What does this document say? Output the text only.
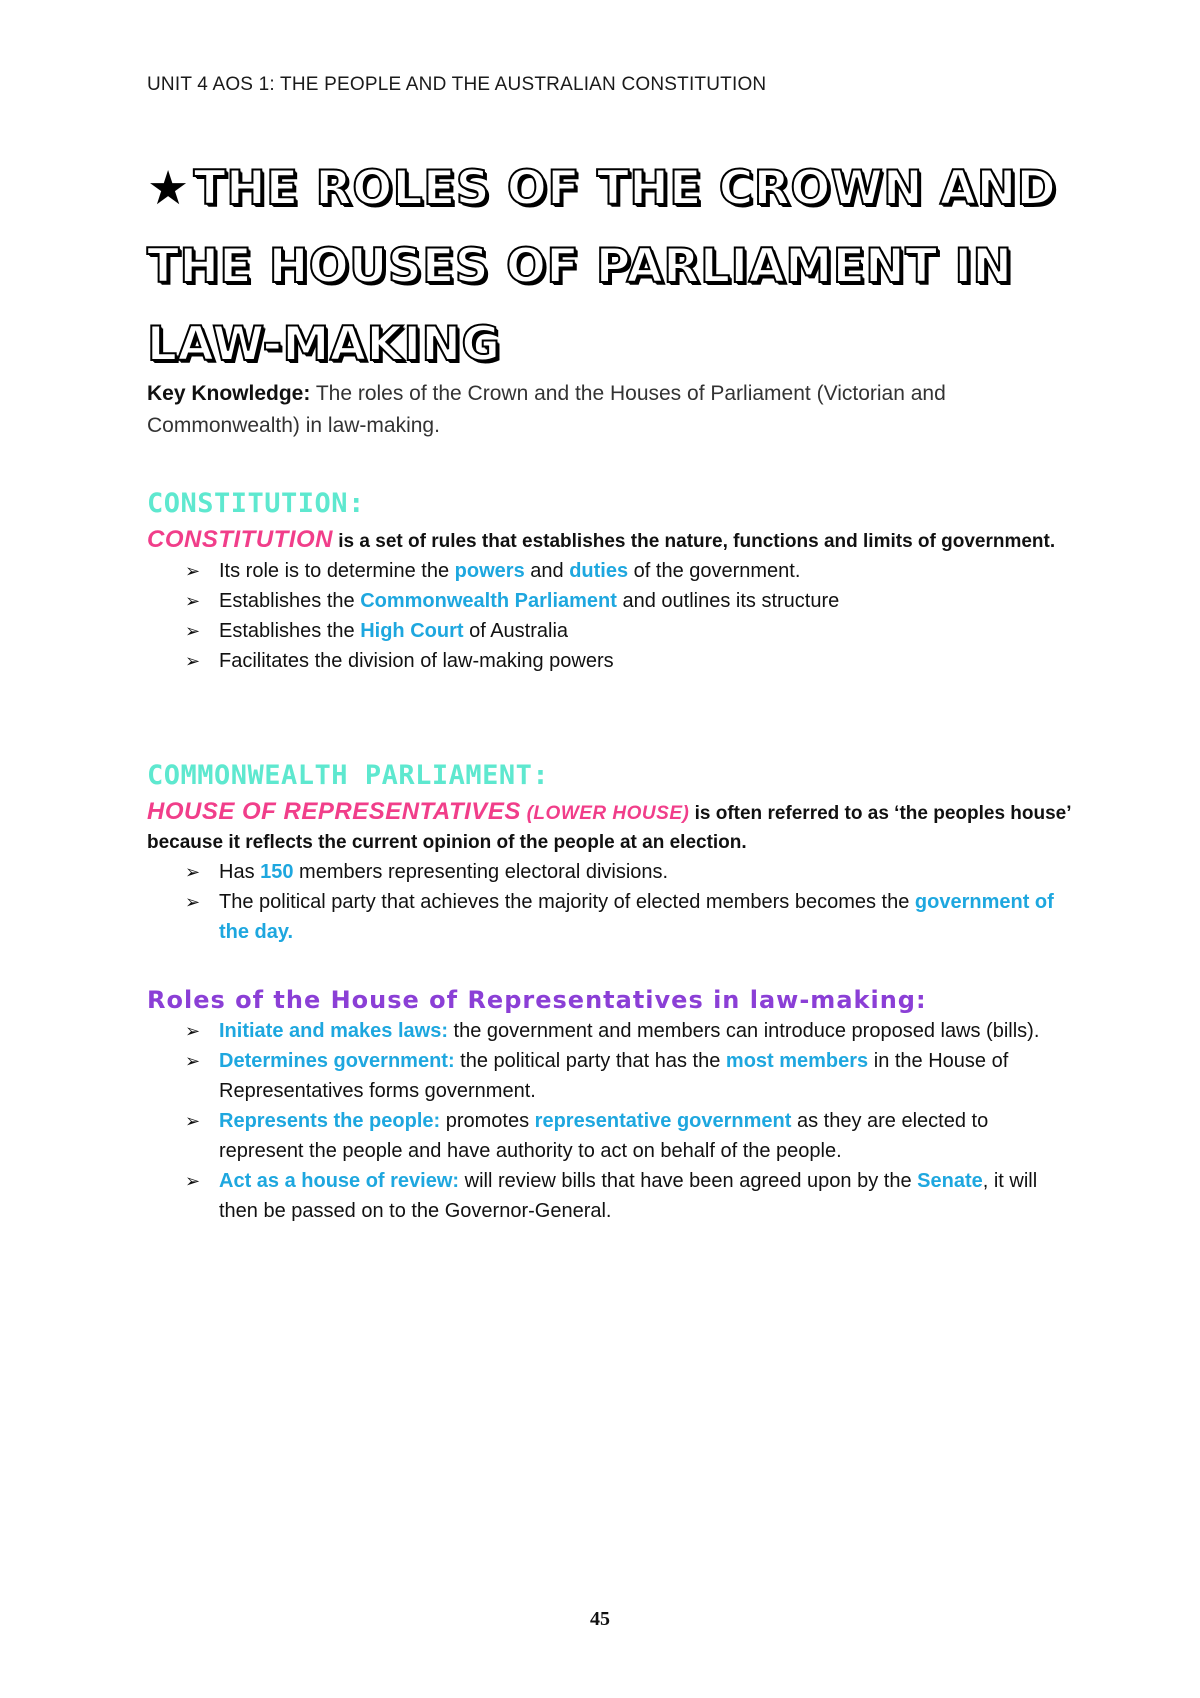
UNIT 4 AOS 1: THE PEOPLE AND THE AUSTRALIAN CONSTITUTION
★THE ROLES OF THE CROWN AND
THE HOUSES OF PARLIAMENT IN
LAW-MAKING
Key Knowledge: The roles of the Crown and the Houses of Parliament (Victorian and Commonwealth) in law-making.
CONSTITUTION:
CONSTITUTION is a set of rules that establishes the nature, functions and limits of government.
➢ Its role is to determine the powers and duties of the government.
➢ Establishes the Commonwealth Parliament and outlines its structure
➢ Establishes the High Court of Australia
➢ Facilitates the division of law-making powers
COMMONWEALTH PARLIAMENT:
HOUSE OF REPRESENTATIVES (LOWER HOUSE) is often referred to as ‘the peoples house’ because it reflects the current opinion of the people at an election.
➢ Has 150 members representing electoral divisions.
➢ The political party that achieves the majority of elected members becomes the government of the day.
Roles of the House of Representatives in law-making:
➢ Initiate and makes laws: the government and members can introduce proposed laws (bills).
➢ Determines government: the political party that has the most members in the House of Representatives forms government.
➢ Represents the people: promotes representative government as they are elected to represent the people and have authority to act on behalf of the people.
➢ Act as a house of review: will review bills that have been agreed upon by the Senate, it will then be passed on to the Governor-General.
45
